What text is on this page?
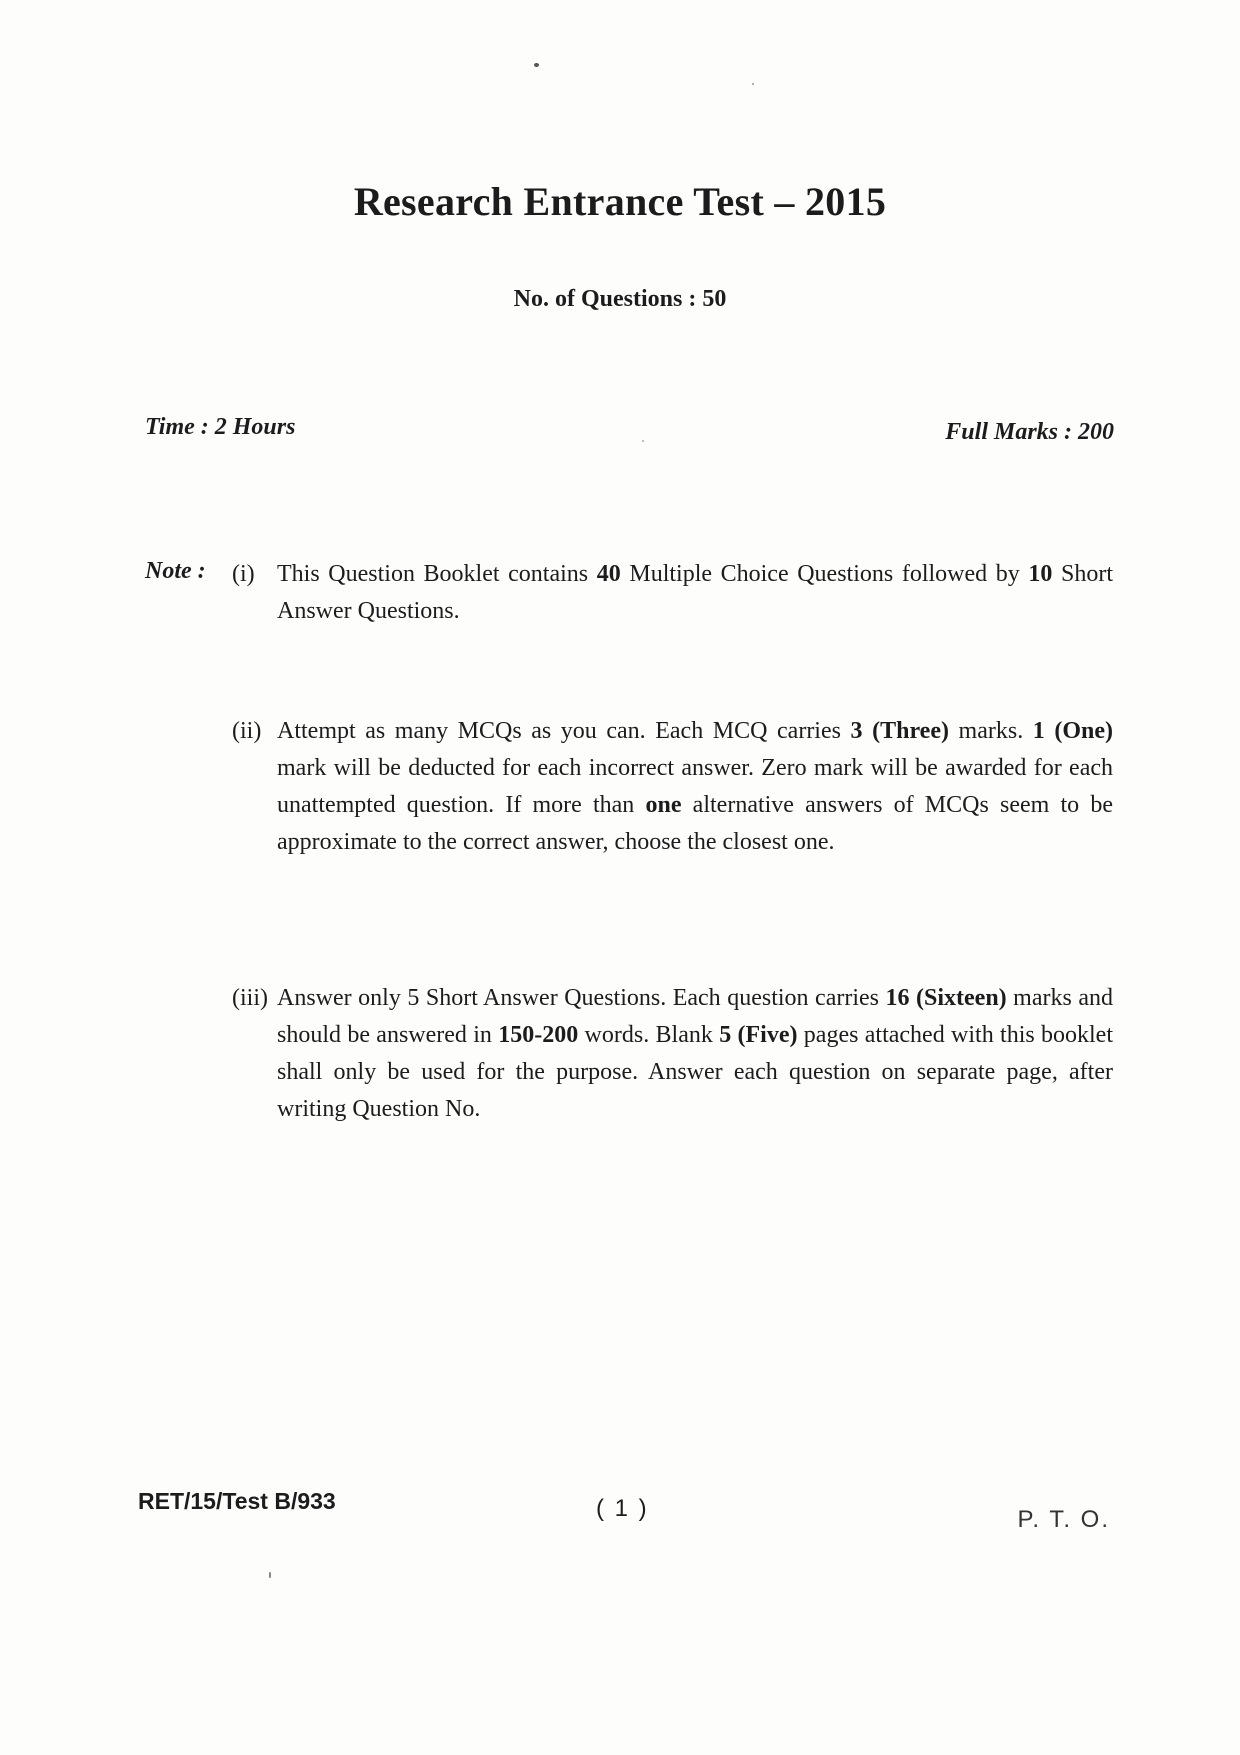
Research Entrance Test – 2015
No. of Questions : 50
Time : 2 Hours	Full Marks : 200
Note : (i) This Question Booklet contains 40 Multiple Choice Questions followed by 10 Short Answer Questions.
(ii) Attempt as many MCQs as you can. Each MCQ carries 3 (Three) marks. 1 (One) mark will be deducted for each incorrect answer. Zero mark will be awarded for each unattempted question. If more than one alternative answers of MCQs seem to be approximate to the correct answer, choose the closest one.
(iii) Answer only 5 Short Answer Questions. Each question carries 16 (Sixteen) marks and should be answered in 150-200 words. Blank 5 (Five) pages attached with this booklet shall only be used for the purpose. Answer each question on separate page, after writing Question No.
RET/15/Test B/933	( 1 )	P. T. O.
